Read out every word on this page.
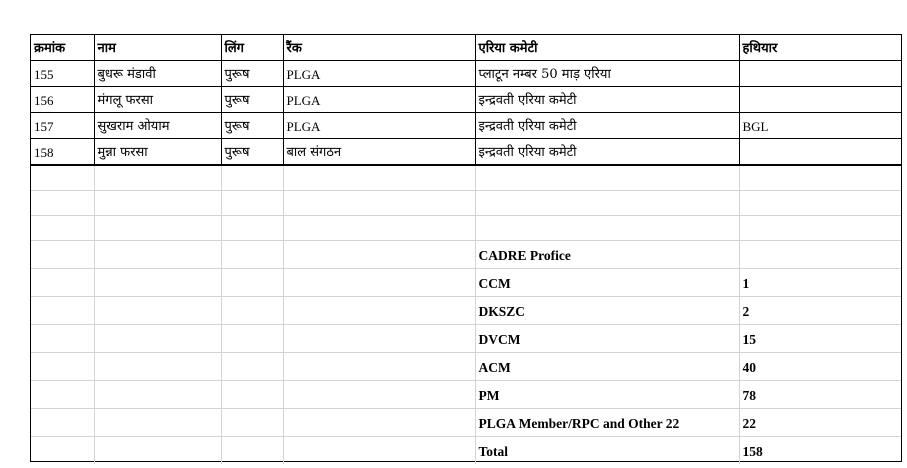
क्रमांक	नाम	लिंग	रैंक	एरिया कमेटी	हथियार
155	बुधरू मंडावी	पुरूष	PLGA	प्लाटून नम्बर 50 माड़ एरिया	
156	मंगलू फरसा	पुरूष	PLGA	इन्द्रवती एरिया कमेटी	
157	सुखराम ओयाम	पुरूष	PLGA	इन्द्रवती एरिया कमेटी	BGL
158	मुन्ना फरसा	पुरूष	बाल संगठन	इन्द्रवती एरिया कमेटी	

				CADRE Profice	
				CCM	1
				DKSZC	2
				DVCM	15
				ACM	40
				PM	78
				PLGA Member/RPC and Other 22	22
				Total	158
